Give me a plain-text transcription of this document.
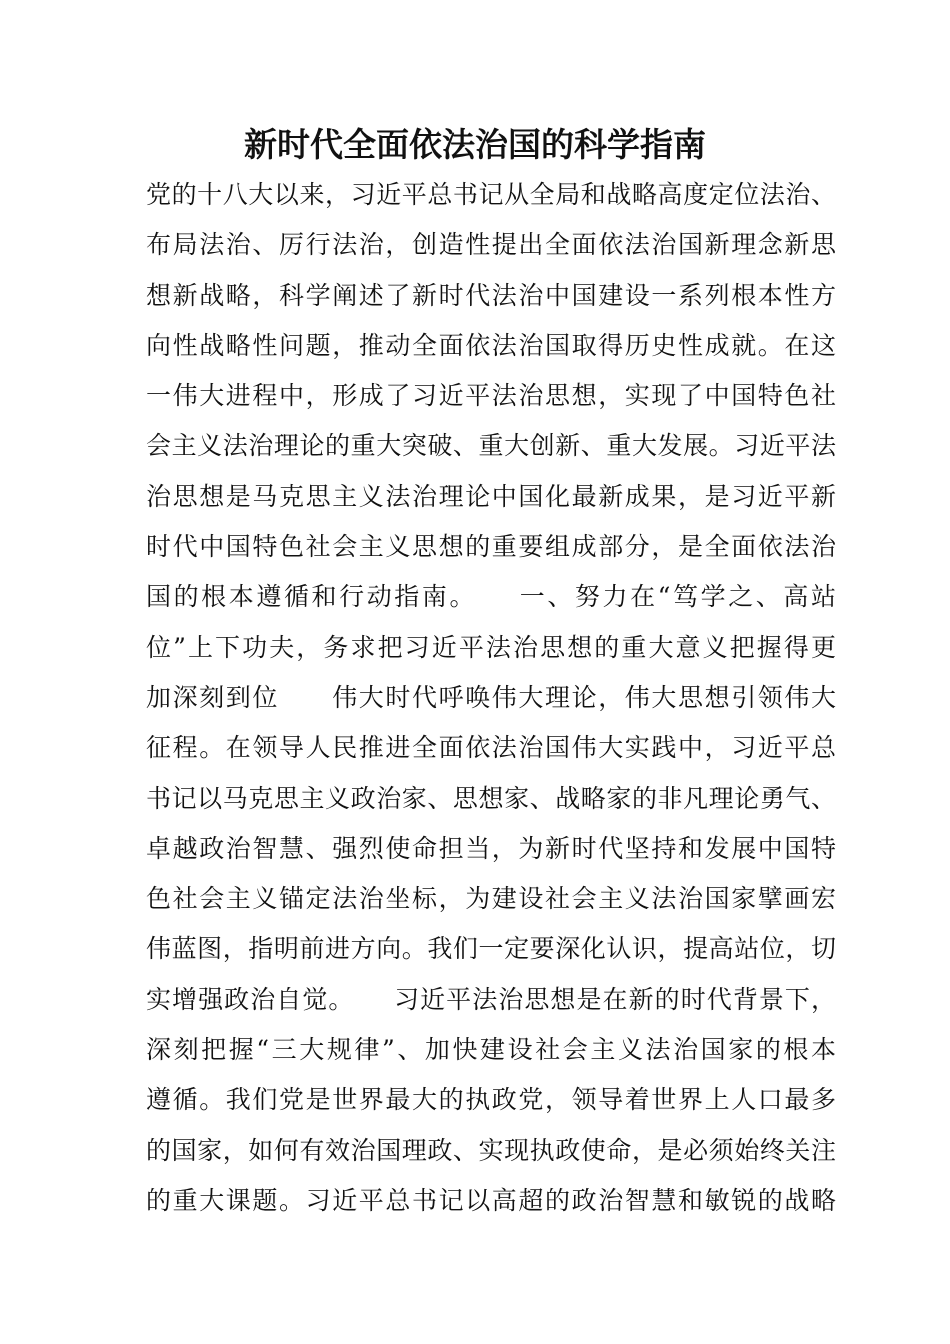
新时代全面依法治国的科学指南
党的十八大以来，习近平总书记从全局和战略高度定位法治、
布局法治、厉行法治，创造性提出全面依法治国新理念新思
想新战略，科学阐述了新时代法治中国建设一系列根本性方
向性战略性问题，推动全面依法治国取得历史性成就。在这
一伟大进程中，形成了习近平法治思想，实现了中国特色社
会主义法治理论的重大突破、重大创新、重大发展。习近平法
治思想是马克思主义法治理论中国化最新成果，是习近平新
时代中国特色社会主义思想的重要组成部分，是全面依法治
国的根本遵循和行动指南。　　一、努力在“笃学之、高站
位”上下功夫，务求把习近平法治思想的重大意义把握得更
加深刻到位　　伟大时代呼唤伟大理论，伟大思想引领伟大
征程。在领导人民推进全面依法治国伟大实践中，习近平总
书记以马克思主义政治家、思想家、战略家的非凡理论勇气、
卓越政治智慧、强烈使命担当，为新时代坚持和发展中国特
色社会主义锚定法治坐标，为建设社会主义法治国家擘画宏
伟蓝图，指明前进方向。我们一定要深化认识，提高站位，切
实增强政治自觉。　　习近平法治思想是在新的时代背景下，
深刻把握“三大规律”、加快建设社会主义法治国家的根本
遵循。我们党是世界最大的执政党，领导着世界上人口最多
的国家，如何有效治国理政、实现执政使命，是必须始终关注
的重大课题。习近平总书记以高超的政治智慧和敏锐的战略
